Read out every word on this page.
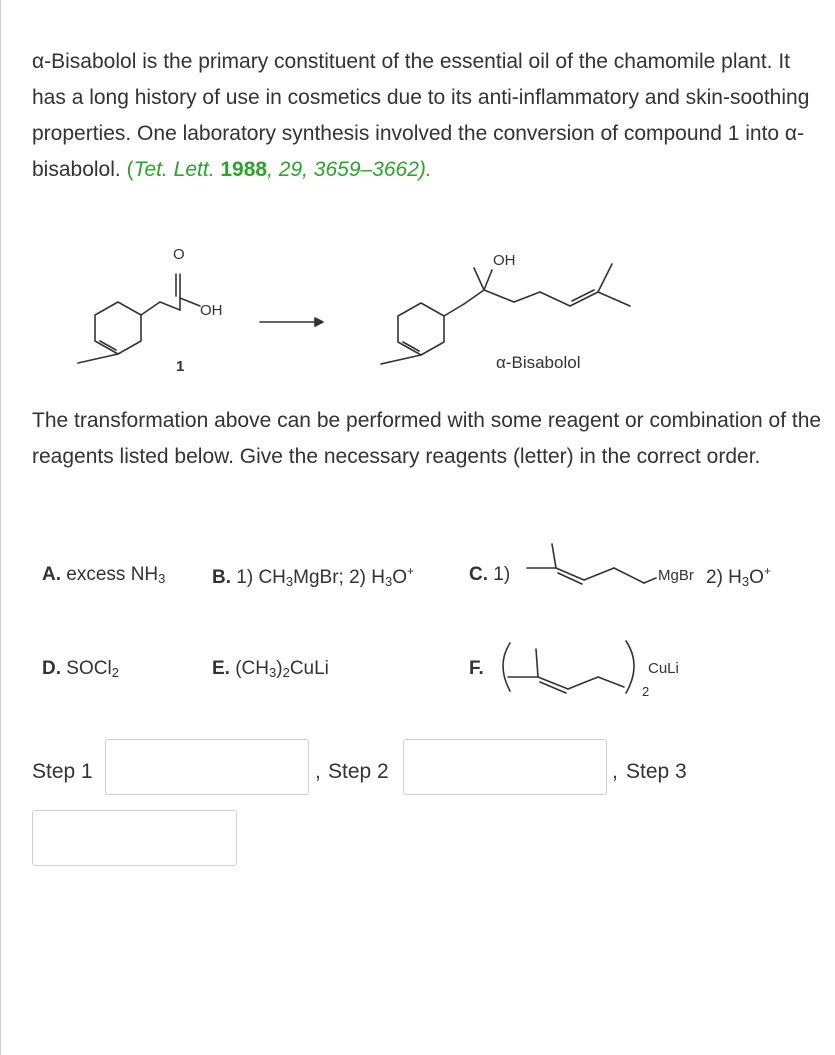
α-Bisabolol is the primary constituent of the essential oil of the chamomile plant. It has a long history of use in cosmetics due to its anti-inflammatory and skin-soothing properties. One laboratory synthesis involved the conversion of compound 1 into α-bisabolol. (Tet. Lett. 1988, 29, 3659–3662).
O
OH
1
OH
α-Bisabolol
The transformation above can be performed with some reagent or combination of the reagents listed below. Give the necessary reagents (letter) in the correct order.
A. excess $NH_3$ B. 1) $CH_3MgBr$; 2) $H_3O^+$	C. 1)	MgBr 2) $H_3O^+$
D. SOCl$_2$	E. $(CH_3)_2CuLi$	F.	CuLi
2
Step 1	, Step 2	, Step 3
